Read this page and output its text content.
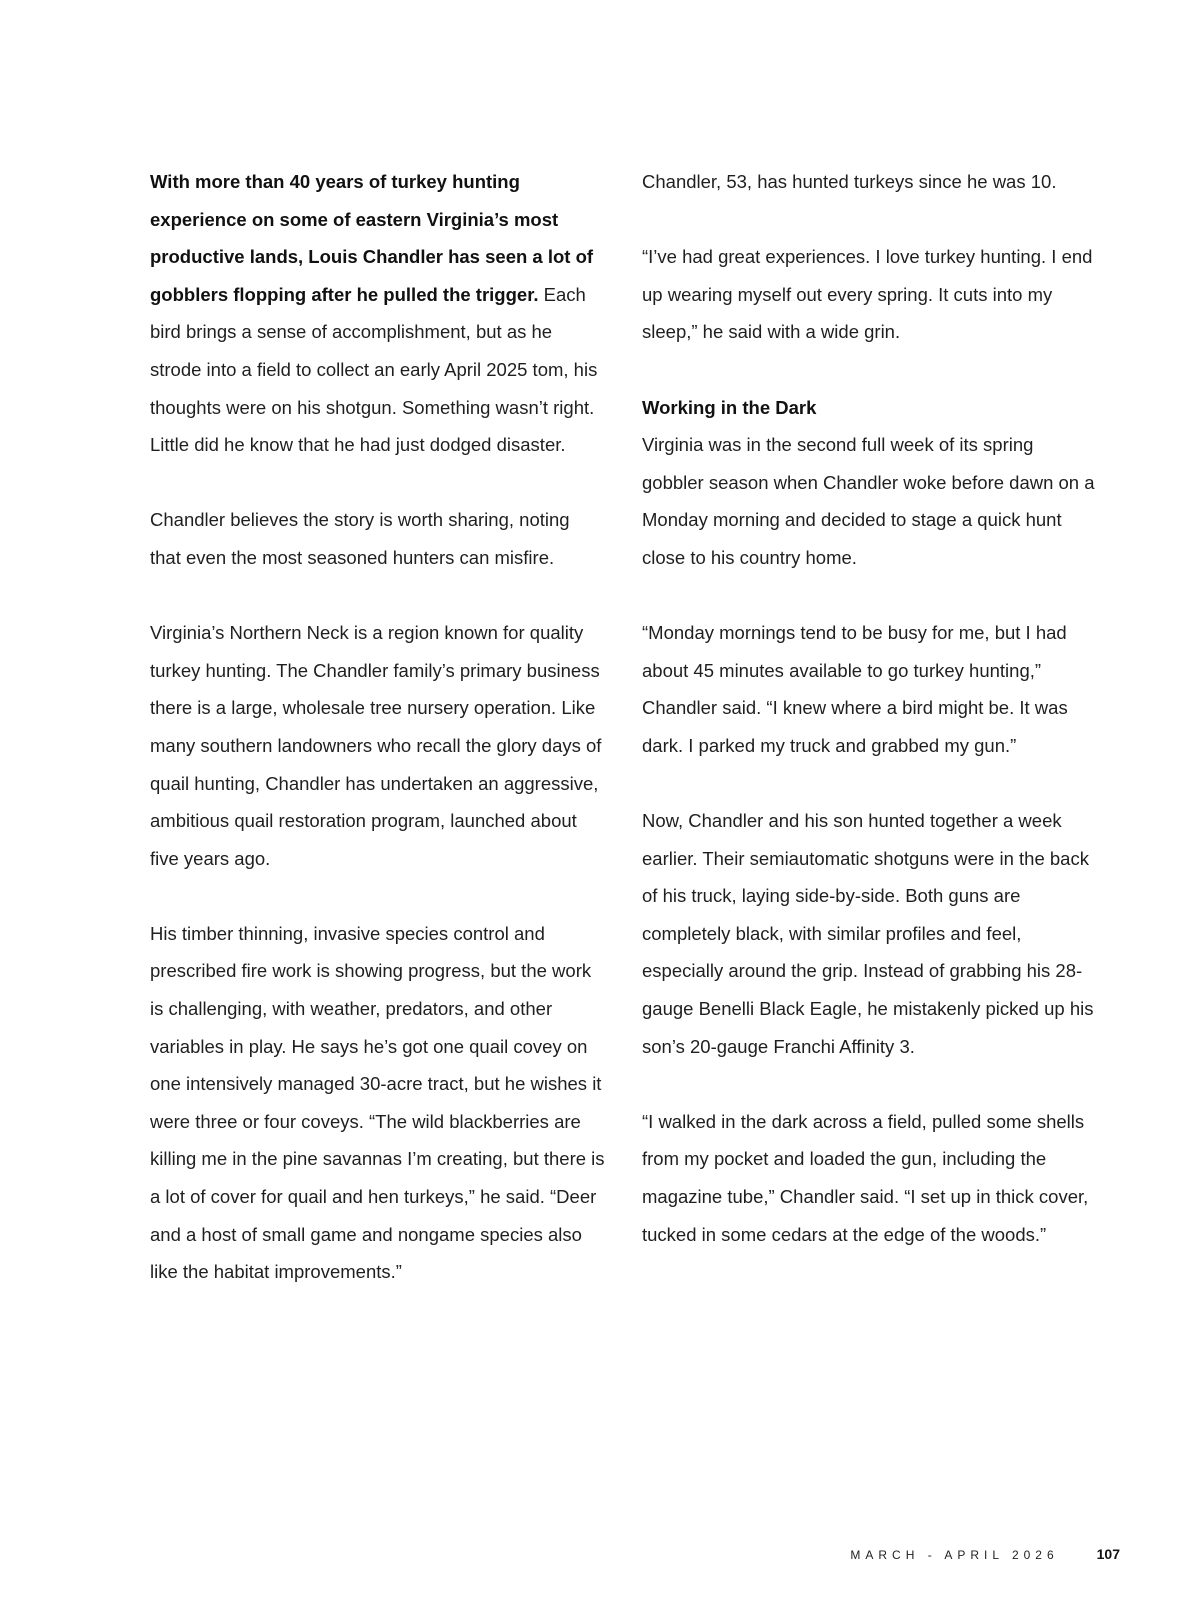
With more than 40 years of turkey hunting experience on some of eastern Virginia’s most productive lands, Louis Chandler has seen a lot of gobblers flopping after he pulled the trigger. Each bird brings a sense of accomplishment, but as he strode into a field to collect an early April 2025 tom, his thoughts were on his shotgun. Something wasn’t right. Little did he know that he had just dodged disaster.

Chandler believes the story is worth sharing, noting that even the most seasoned hunters can misfire.

Virginia’s Northern Neck is a region known for quality turkey hunting. The Chandler family’s primary business there is a large, wholesale tree nursery operation. Like many southern landowners who recall the glory days of quail hunting, Chandler has undertaken an aggressive, ambitious quail restoration program, launched about five years ago.

His timber thinning, invasive species control and prescribed fire work is showing progress, but the work is challenging, with weather, predators, and other variables in play. He says he’s got one quail covey on one intensively managed 30-acre tract, but he wishes it were three or four coveys. “The wild blackberries are killing me in the pine savannas I’m creating, but there is a lot of cover for quail and hen turkeys,” he said. “Deer and a host of small game and nongame species also like the habitat improvements.”

Chandler, 53, has hunted turkeys since he was 10.

“I’ve had great experiences. I love turkey hunting. I end up wearing myself out every spring. It cuts into my sleep,” he said with a wide grin.

Working in the Dark
Virginia was in the second full week of its spring gobbler season when Chandler woke before dawn on a Monday morning and decided to stage a quick hunt close to his country home.

“Monday mornings tend to be busy for me, but I had about 45 minutes available to go turkey hunting,” Chandler said. “I knew where a bird might be. It was dark. I parked my truck and grabbed my gun.”

Now, Chandler and his son hunted together a week earlier. Their semiautomatic shotguns were in the back of his truck, laying side-by-side. Both guns are completely black, with similar profiles and feel, especially around the grip. Instead of grabbing his 28-gauge Benelli Black Eagle, he mistakenly picked up his son’s 20-gauge Franchi Affinity 3.

“I walked in the dark across a field, pulled some shells from my pocket and loaded the gun, including the magazine tube,” Chandler said. “I set up in thick cover, tucked in some cedars at the edge of the woods.”

MARCH - APRIL 2026	107
